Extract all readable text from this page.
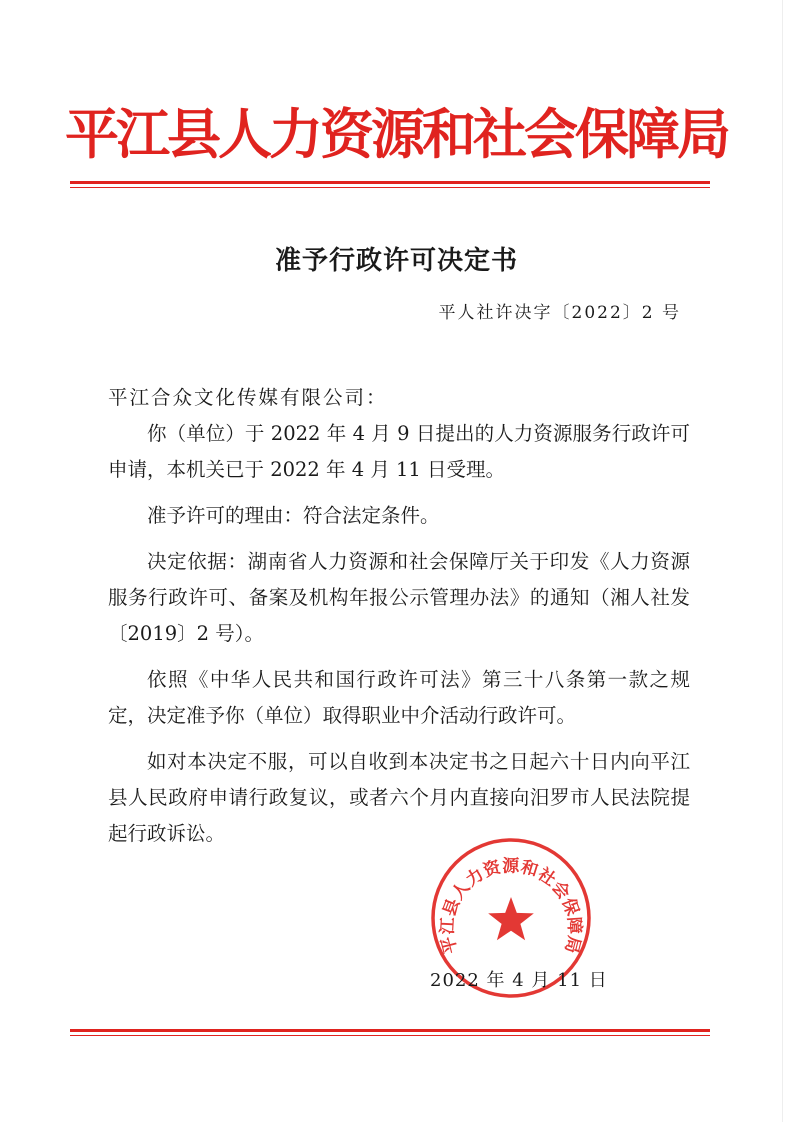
平江县人力资源和社会保障局
准予行政许可决定书
平人社许决字〔2022〕2 号
平江合众文化传媒有限公司：

你（单位）于 2022 年 4 月 9 日提出的人力资源服务行政许可申请，本机关已于 2022 年 4 月 11 日受理。

准予许可的理由：符合法定条件。

决定依据：湖南省人力资源和社会保障厅关于印发《人力资源服务行政许可、备案及机构年报公示管理办法》的通知（湘人社发〔2019〕2 号）。

依照《中华人民共和国行政许可法》第三十八条第一款之规定，决定准予你（单位）取得职业中介活动行政许可。

如对本决定不服，可以自收到本决定书之日起六十日内向平江县人民政府申请行政复议，或者六个月内直接向汨罗市人民法院提起行政诉讼。

平江县人力资源和社会保障局
2022 年 4 月 11 日
